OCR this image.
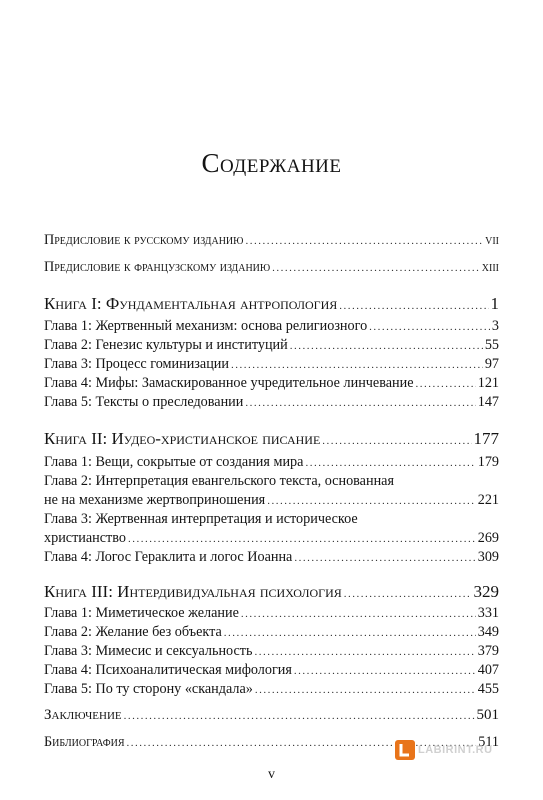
Содержание
Предисловие к русскому изданию .....	vii
Предисловие к французскому изданию .....	xiii
Книга I: Фундаментальная антропология .....	1
Глава 1: Жертвенный механизм: основа религиозного .....	3
Глава 2: Генезис культуры и институций .....	55
Глава 3: Процесс гоминизации .....	97
Глава 4: Мифы: Замаскированное учредительное линчевание .....	121
Глава 5: Тексты о преследовании .....	147
Книга II: Иудео-христианское писание .....	177
Глава 1: Вещи, сокрытые от создания мира .....	179
Глава 2: Интерпретация евангельского текста, основанная
не на механизме жертвоприношения .....	221
Глава 3: Жертвенная интерпретация и историческое
христианство .....	269
Глава 4: Логос Гераклита и логос Иоанна .....	309
Книга III: Интердивидуальная психология .....	329
Глава 1: Миметическое желание .....	331
Глава 2: Желание без объекта .....	349
Глава 3: Мимесис и сексуальность .....	379
Глава 4: Психоаналитическая мифология .....	407
Глава 5: По ту сторону «скандала» .....	455
Заключение .....	501
Библиография .....	511
v
LABIRINT.RU
